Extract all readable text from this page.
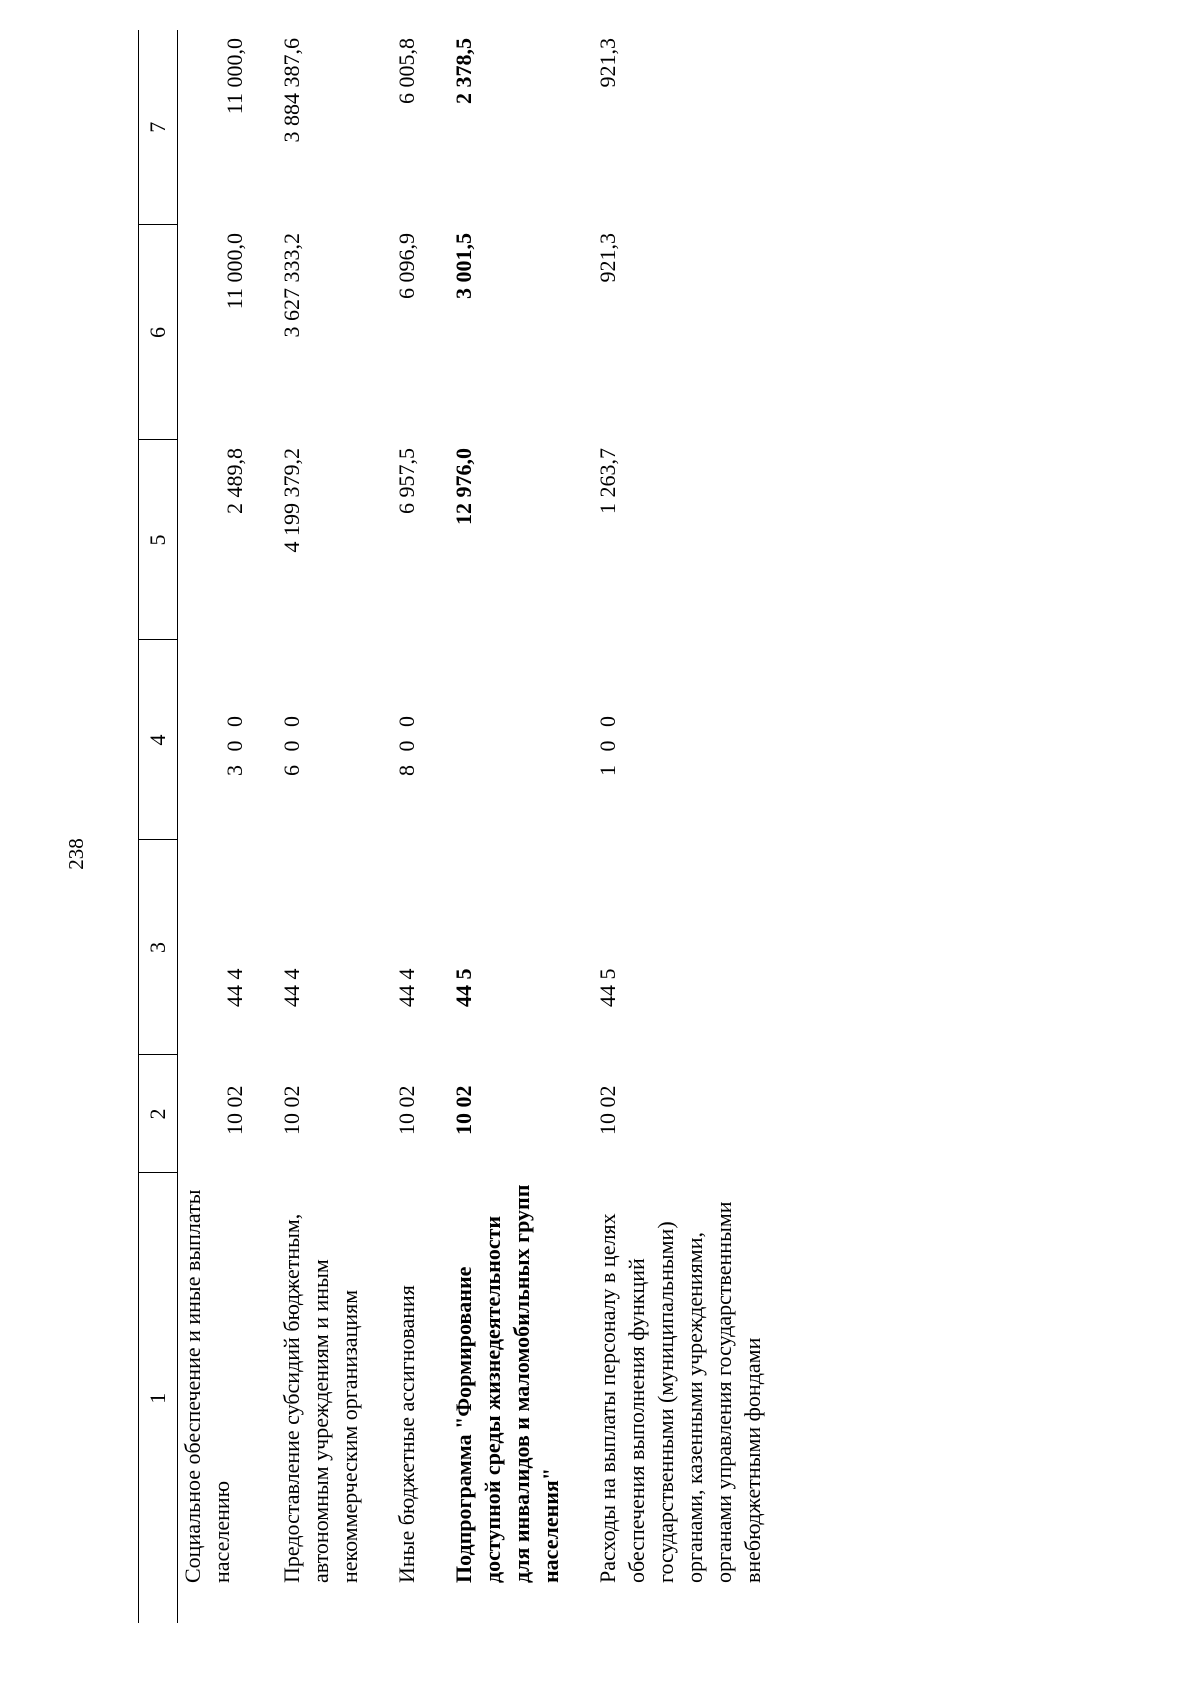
238
1	2	3	4	5	6	7
Социальное обеспечение и иные выплаты населению	10 02	44 4	3 0 0	2 489,8	11 000,0	11 000,0

Предоставление субсидий бюджетным, автономным учреждениям и иным некоммерческим организациям	10 02	44 4	6 0 0	4 199 379,2	3 627 333,2	3 884 387,6

Иные бюджетные ассигнования	10 02	44 4	8 0 0	6 957,5	6 096,9	6 005,8

Подпрограмма "Формирование доступной среды жизнедеятельности для инвалидов и маломобильных групп населения"	10 02	44 5		12 976,0	3 001,5	2 378,5

Расходы на выплаты персоналу в целях обеспечения выполнения функций государственными (муниципальными) органами, казенными учреждениями, органами управления государственными внебюджетными фондами	10 02	44 5	1 0 0	1 263,7	921,3	921,3
